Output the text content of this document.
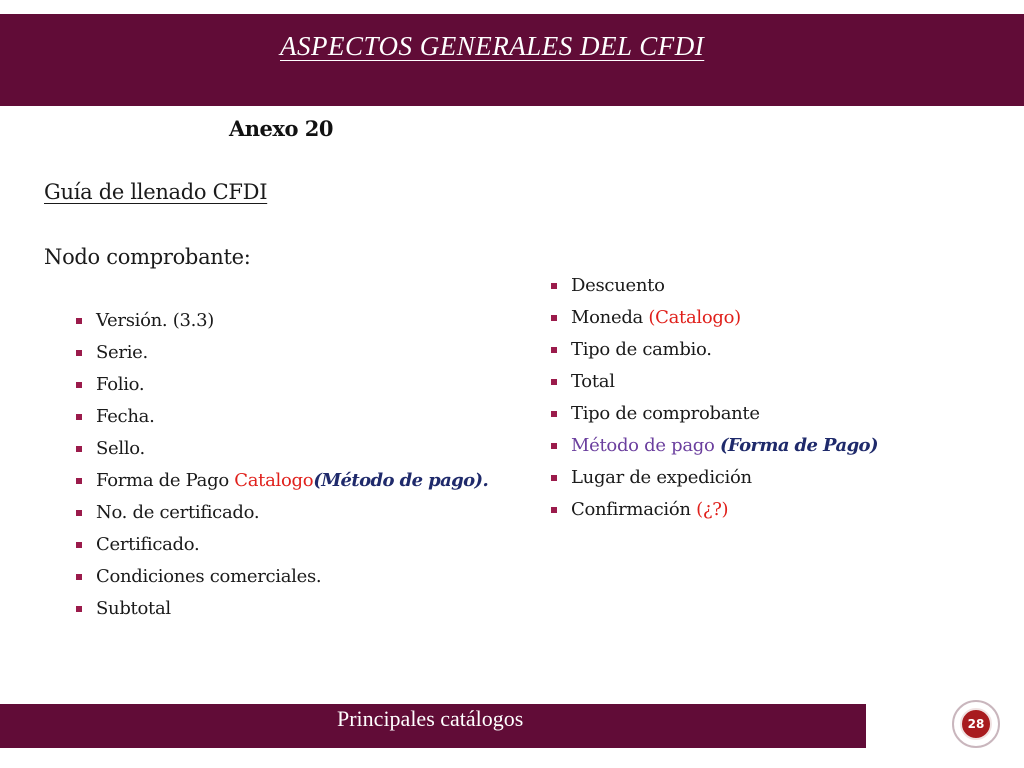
ASPECTOS GENERALES DEL CFDI
Anexo 20
Guía de llenado CFDI
Nodo comprobante:
Versión. (3.3)
Serie.
Folio.
Fecha.
Sello.
Forma de Pago Catalogo(Método de pago).
No. de certificado.
Certificado.
Condiciones comerciales.
Subtotal
Descuento
Moneda (Catalogo)
Tipo de cambio.
Total
Tipo de comprobante
Método de pago (Forma de Pago)
Lugar de expedición
Confirmación (¿?)
Principales catálogos	28
